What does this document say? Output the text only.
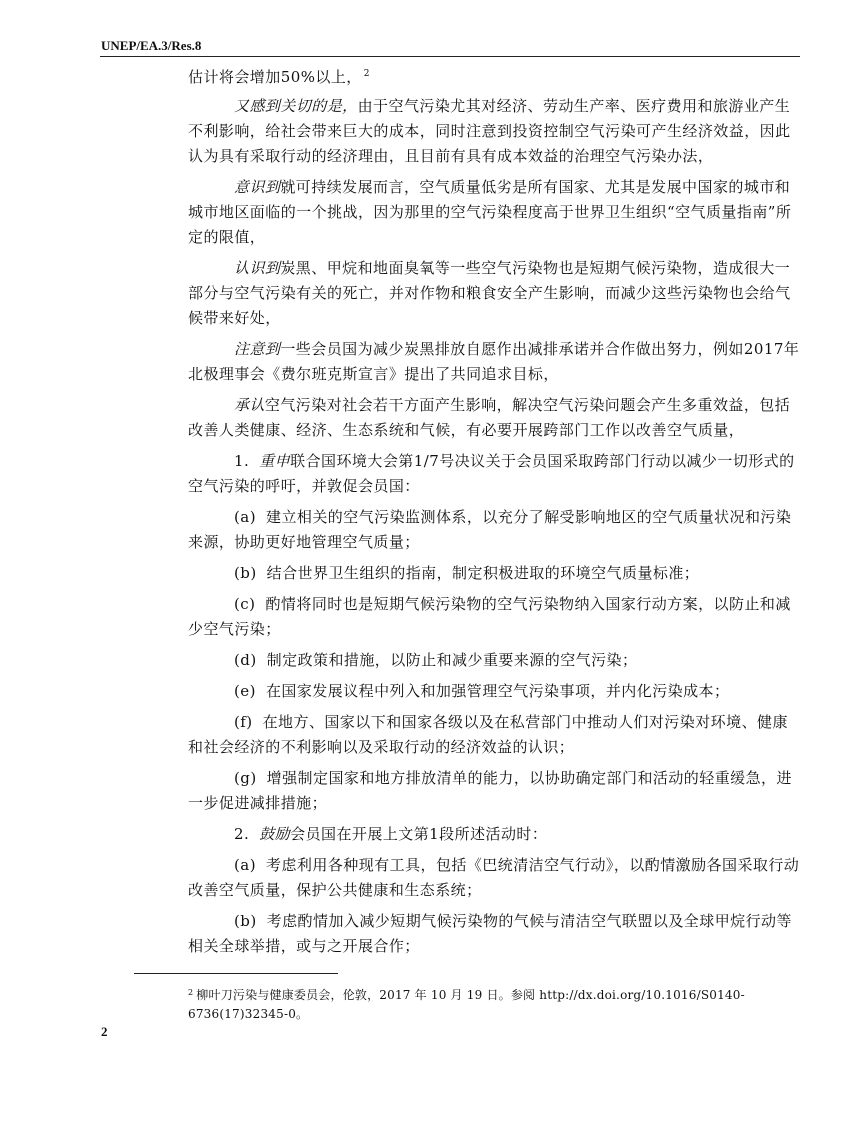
UNEP/EA.3/Res.8

估计将会增加50%以上， $^2$

又感到关切的是，由于空气污染尤其对经济、劳动生产率、医疗费用和旅游业产生不利影响，给社会带来巨大的成本，同时注意到投资控制空气污染可产生经济效益，因此认为具有采取行动的经济理由，且目前有具有成本效益的治理空气污染办法，

意识到就可持续发展而言，空气质量低劣是所有国家、尤其是发展中国家的城市和城市地区面临的一个挑战，因为那里的空气污染程度高于世界卫生组织“空气质量指南”所定的限值，

认识到炭黑、甲烷和地面臭氧等一些空气污染物也是短期气候污染物，造成很大一部分与空气污染有关的死亡，并对作物和粮食安全产生影响，而减少这些污染物也会给气候带来好处，

注意到一些会员国为减少炭黑排放自愿作出减排承诺并合作做出努力，例如2017年北极理事会《费尔班克斯宣言》提出了共同追求目标，

承认空气污染对社会若干方面产生影响，解决空气污染问题会产生多重效益，包括改善人类健康、经济、生态系统和气候，有必要开展跨部门工作以改善空气质量，

1. 重申联合国环境大会第1/7号决议关于会员国采取跨部门行动以减少一切形式的空气污染的呼吁，并敦促会员国：

(a) 建立相关的空气污染监测体系，以充分了解受影响地区的空气质量状况和污染来源，协助更好地管理空气质量；

(b) 结合世界卫生组织的指南，制定积极进取的环境空气质量标准；

(c) 酌情将同时也是短期气候污染物的空气污染物纳入国家行动方案，以防止和减少空气污染；

(d) 制定政策和措施，以防止和减少重要来源的空气污染；

(e) 在国家发展议程中列入和加强管理空气污染事项，并内化污染成本；

(f) 在地方、国家以下和国家各级以及在私营部门中推动人们对污染对环境、健康和社会经济的不利影响以及采取行动的经济效益的认识；

(g) 增强制定国家和地方排放清单的能力，以协助确定部门和活动的轻重缓急，进一步促进减排措施；

2. 鼓励会员国在开展上文第1段所述活动时：

(a) 考虑利用各种现有工具，包括《巴统清洁空气行动》，以酌情激励各国采取行动改善空气质量，保护公共健康和生态系统；

(b) 考虑酌情加入减少短期气候污染物的气候与清洁空气联盟以及全球甲烷行动等相关全球举措，或与之开展合作；

$^2$ 柳叶刀污染与健康委员会，伦敦，2017 年 10 月 19 日。参阅 http://dx.doi.org/10.1016/S0140-6736(17)32345-0。
2
